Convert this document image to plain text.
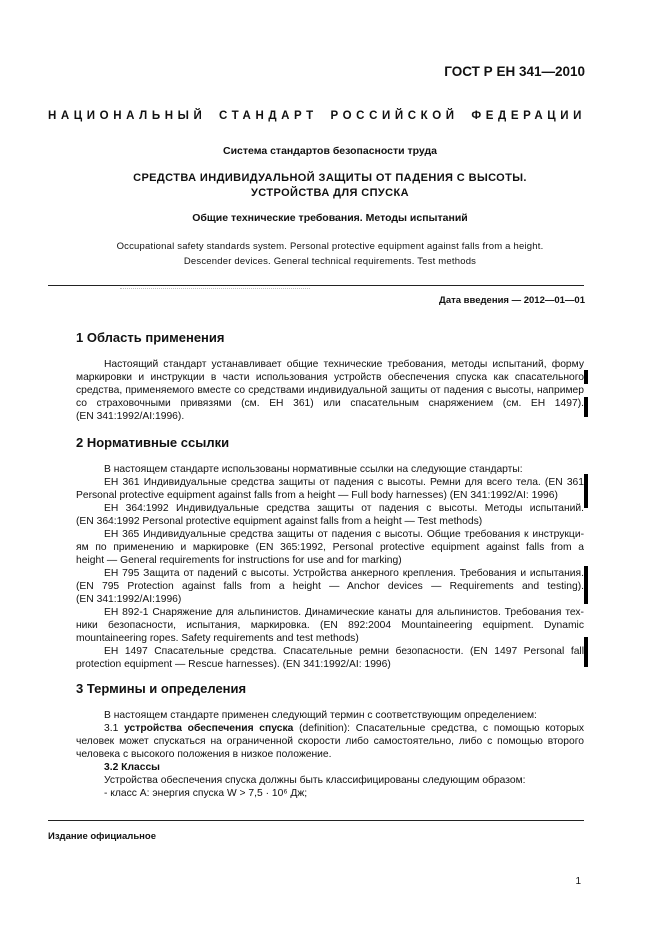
ГОСТ Р ЕН 341—2010
НАЦИОНАЛЬНЫЙ СТАНДАРТ РОССИЙСКОЙ ФЕДЕРАЦИИ
Система стандартов безопасности труда
СРЕДСТВА ИНДИВИДУАЛЬНОЙ ЗАЩИТЫ ОТ ПАДЕНИЯ С ВЫСОТЫ.
УСТРОЙСТВА ДЛЯ СПУСКА
Общие технические требования. Методы испытаний
Occupational safety standards system. Personal protective equipment against falls from a height.
Descender devices. General technical requirements. Test methods
Дата введения — 2012—01—01
1 Область применения
Настоящий стандарт устанавливает общие технические требования, методы испытаний, форму
маркировки и инструкции в части использования устройств обеспечения спуска как спасательного
средства, применяемого вместе со средствами индивидуальной защиты от падения с высоты, например
со страховочными привязями (см. ЕН 361) или спасательным снаряжением (см. ЕН 1497).
(EN 341:1992/AI:1996).
2 Нормативные ссылки
В настоящем стандарте использованы нормативные ссылки на следующие стандарты:
ЕН 361 Индивидуальные средства защиты от падения с высоты. Ремни для всего тела. (EN 361
Personal protective equipment against falls from a height — Full body harnesses) (EN 341:1992/AI: 1996)
ЕН 364:1992 Индивидуальные средства защиты от падения с высоты. Методы испытаний.
(EN 364:1992 Personal protective equipment against falls from a height — Test methods)
ЕН 365 Индивидуальные средства защиты от падения с высоты. Общие требования к инструкци-
ям по применению и маркировке (EN 365:1992, Personal protective equipment against falls from a
height — General requirements for instructions for use and for marking)
ЕН 795 Защита от падений с высоты. Устройства анкерного крепления. Требования и испытания.
(EN 795 Protection against falls from a height — Anchor devices — Requirements and testing).
(EN 341:1992/AI:1996)
ЕН 892-1 Снаряжение для альпинистов. Динамические канаты для альпинистов. Требования тех-
ники безопасности, испытания, маркировка. (EN 892:2004 Mountaineering equipment. Dynamic
mountaineering ropes. Safety requirements and test methods)
ЕН 1497 Спасательные средства. Спасательные ремни безопасности. (EN 1497 Personal fall
protection equipment — Rescue harnesses). (EN 341:1992/AI: 1996)
3 Термины и определения
В настоящем стандарте применен следующий термин с соответствующим определением:
3.1 устройства обеспечения спуска (definition): Спасательные средства, с помощью которых
человек может спускаться на ограниченной скорости либо самостоятельно, либо с помощью второго
человека с высокого положения в низкое положение.
3.2 Классы
Устройства обеспечения спуска должны быть классифицированы следующим образом:
- класс А: энергия спуска W > 7,5 · 10⁶ Дж;
Издание официальное
1
